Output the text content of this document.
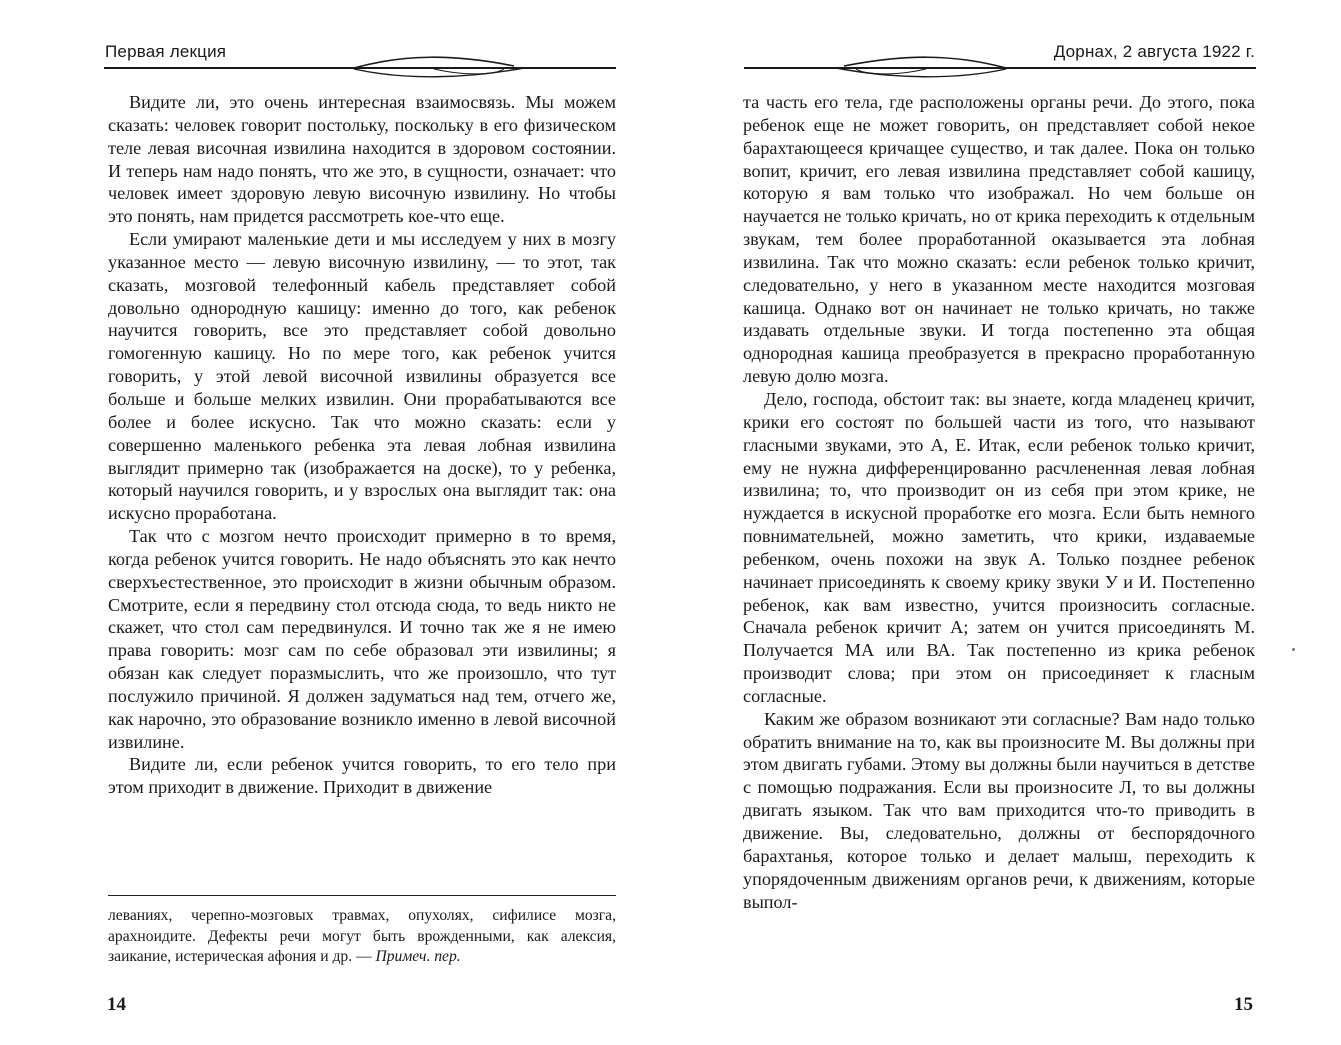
Первая лекция

Видите ли, это очень интересная взаимосвязь. Мы можем сказать: человек говорит постольку, поскольку в его физическом теле левая височная извилина находится в здоровом состоянии. И теперь нам надо понять, что же это, в сущности, означает: что человек имеет здоровую левую височную извилину. Но чтобы это понять, нам придется рассмотреть кое-что еще.

Если умирают маленькие дети и мы исследуем у них в мозгу указанное место — левую височную извилину, — то этот, так сказать, мозговой телефонный кабель представляет собой довольно однородную кашицу: именно до того, как ребенок научится говорить, все это представляет собой довольно гомогенную кашицу. Но по мере того, как ребенок учится говорить, у этой левой височной извилины образуется все больше и больше мелких извилин. Они прорабатываются все более и более искусно. Так что можно сказать: если у совершенно маленького ребенка эта левая лобная извилина выглядит примерно так (изображается на доске), то у ребенка, который научился говорить, и у взрослых она выглядит так: она искусно проработана.

Так что с мозгом нечто происходит примерно в то время, когда ребенок учится говорить. Не надо объяснять это как нечто сверхъестественное, это происходит в жизни обычным образом. Смотрите, если я передвину стол отсюда сюда, то ведь никто не скажет, что стол сам передвинулся. И точно так же я не имею права говорить: мозг сам по себе образовал эти извилины; я обязан как следует поразмыслить, что же произошло, что тут послужило причиной. Я должен задуматься над тем, отчего же, как нарочно, это образование возникло именно в левой височной извилине.

Видите ли, если ребенок учится говорить, то его тело при этом приходит в движение. Приходит в движение

леваниях, черепно-мозговых травмах, опухолях, сифилисе мозга, арахноидите. Дефекты речи могут быть врожденными, как алексия, заикание, истерическая афония и др. — Примеч. пер.

14
Дорнах, 2 августа 1922 г.

та часть его тела, где расположены органы речи. До этого, пока ребенок еще не может говорить, он представляет собой некое барахтающееся кричащее существо, и так далее. Пока он только вопит, кричит, его левая извилина представляет собой кашицу, которую я вам только что изображал. Но чем больше он научается не только кричать, но от крика переходить к отдельным звукам, тем более проработанной оказывается эта лобная извилина. Так что можно сказать: если ребенок только кричит, следовательно, у него в указанном месте находится мозговая кашица. Однако вот он начинает не только кричать, но также издавать отдельные звуки. И тогда постепенно эта общая однородная кашица преобразуется в прекрасно проработанную левую долю мозга.

Дело, господа, обстоит так: вы знаете, когда младенец кричит, крики его состоят по большей части из того, что называют гласными звуками, это А, Е. Итак, если ребенок только кричит, ему не нужна дифференцированно расчлененная левая лобная извилина; то, что производит он из себя при этом крике, не нуждается в искусной проработке его мозга. Если быть немного повнимательней, можно заметить, что крики, издаваемые ребенком, очень похожи на звук А. Только позднее ребенок начинает присоединять к своему крику звуки У и И. Постепенно ребенок, как вам известно, учится произносить согласные. Сначала ребенок кричит А; затем он учится присоединять М. Получается МА или ВА. Так постепенно из крика ребенок производит слова; при этом он присоединяет к гласным согласные.

Каким же образом возникают эти согласные? Вам надо только обратить внимание на то, как вы произносите М. Вы должны при этом двигать губами. Этому вы должны были научиться в детстве с помощью подражания. Если вы произносите Л, то вы должны двигать языком. Так что вам приходится что-то приводить в движение. Вы, следовательно, должны от беспорядочного барахтанья, которое только и делает малыш, переходить к упорядоченным движениям органов речи, к движениям, которые выпол-

15
